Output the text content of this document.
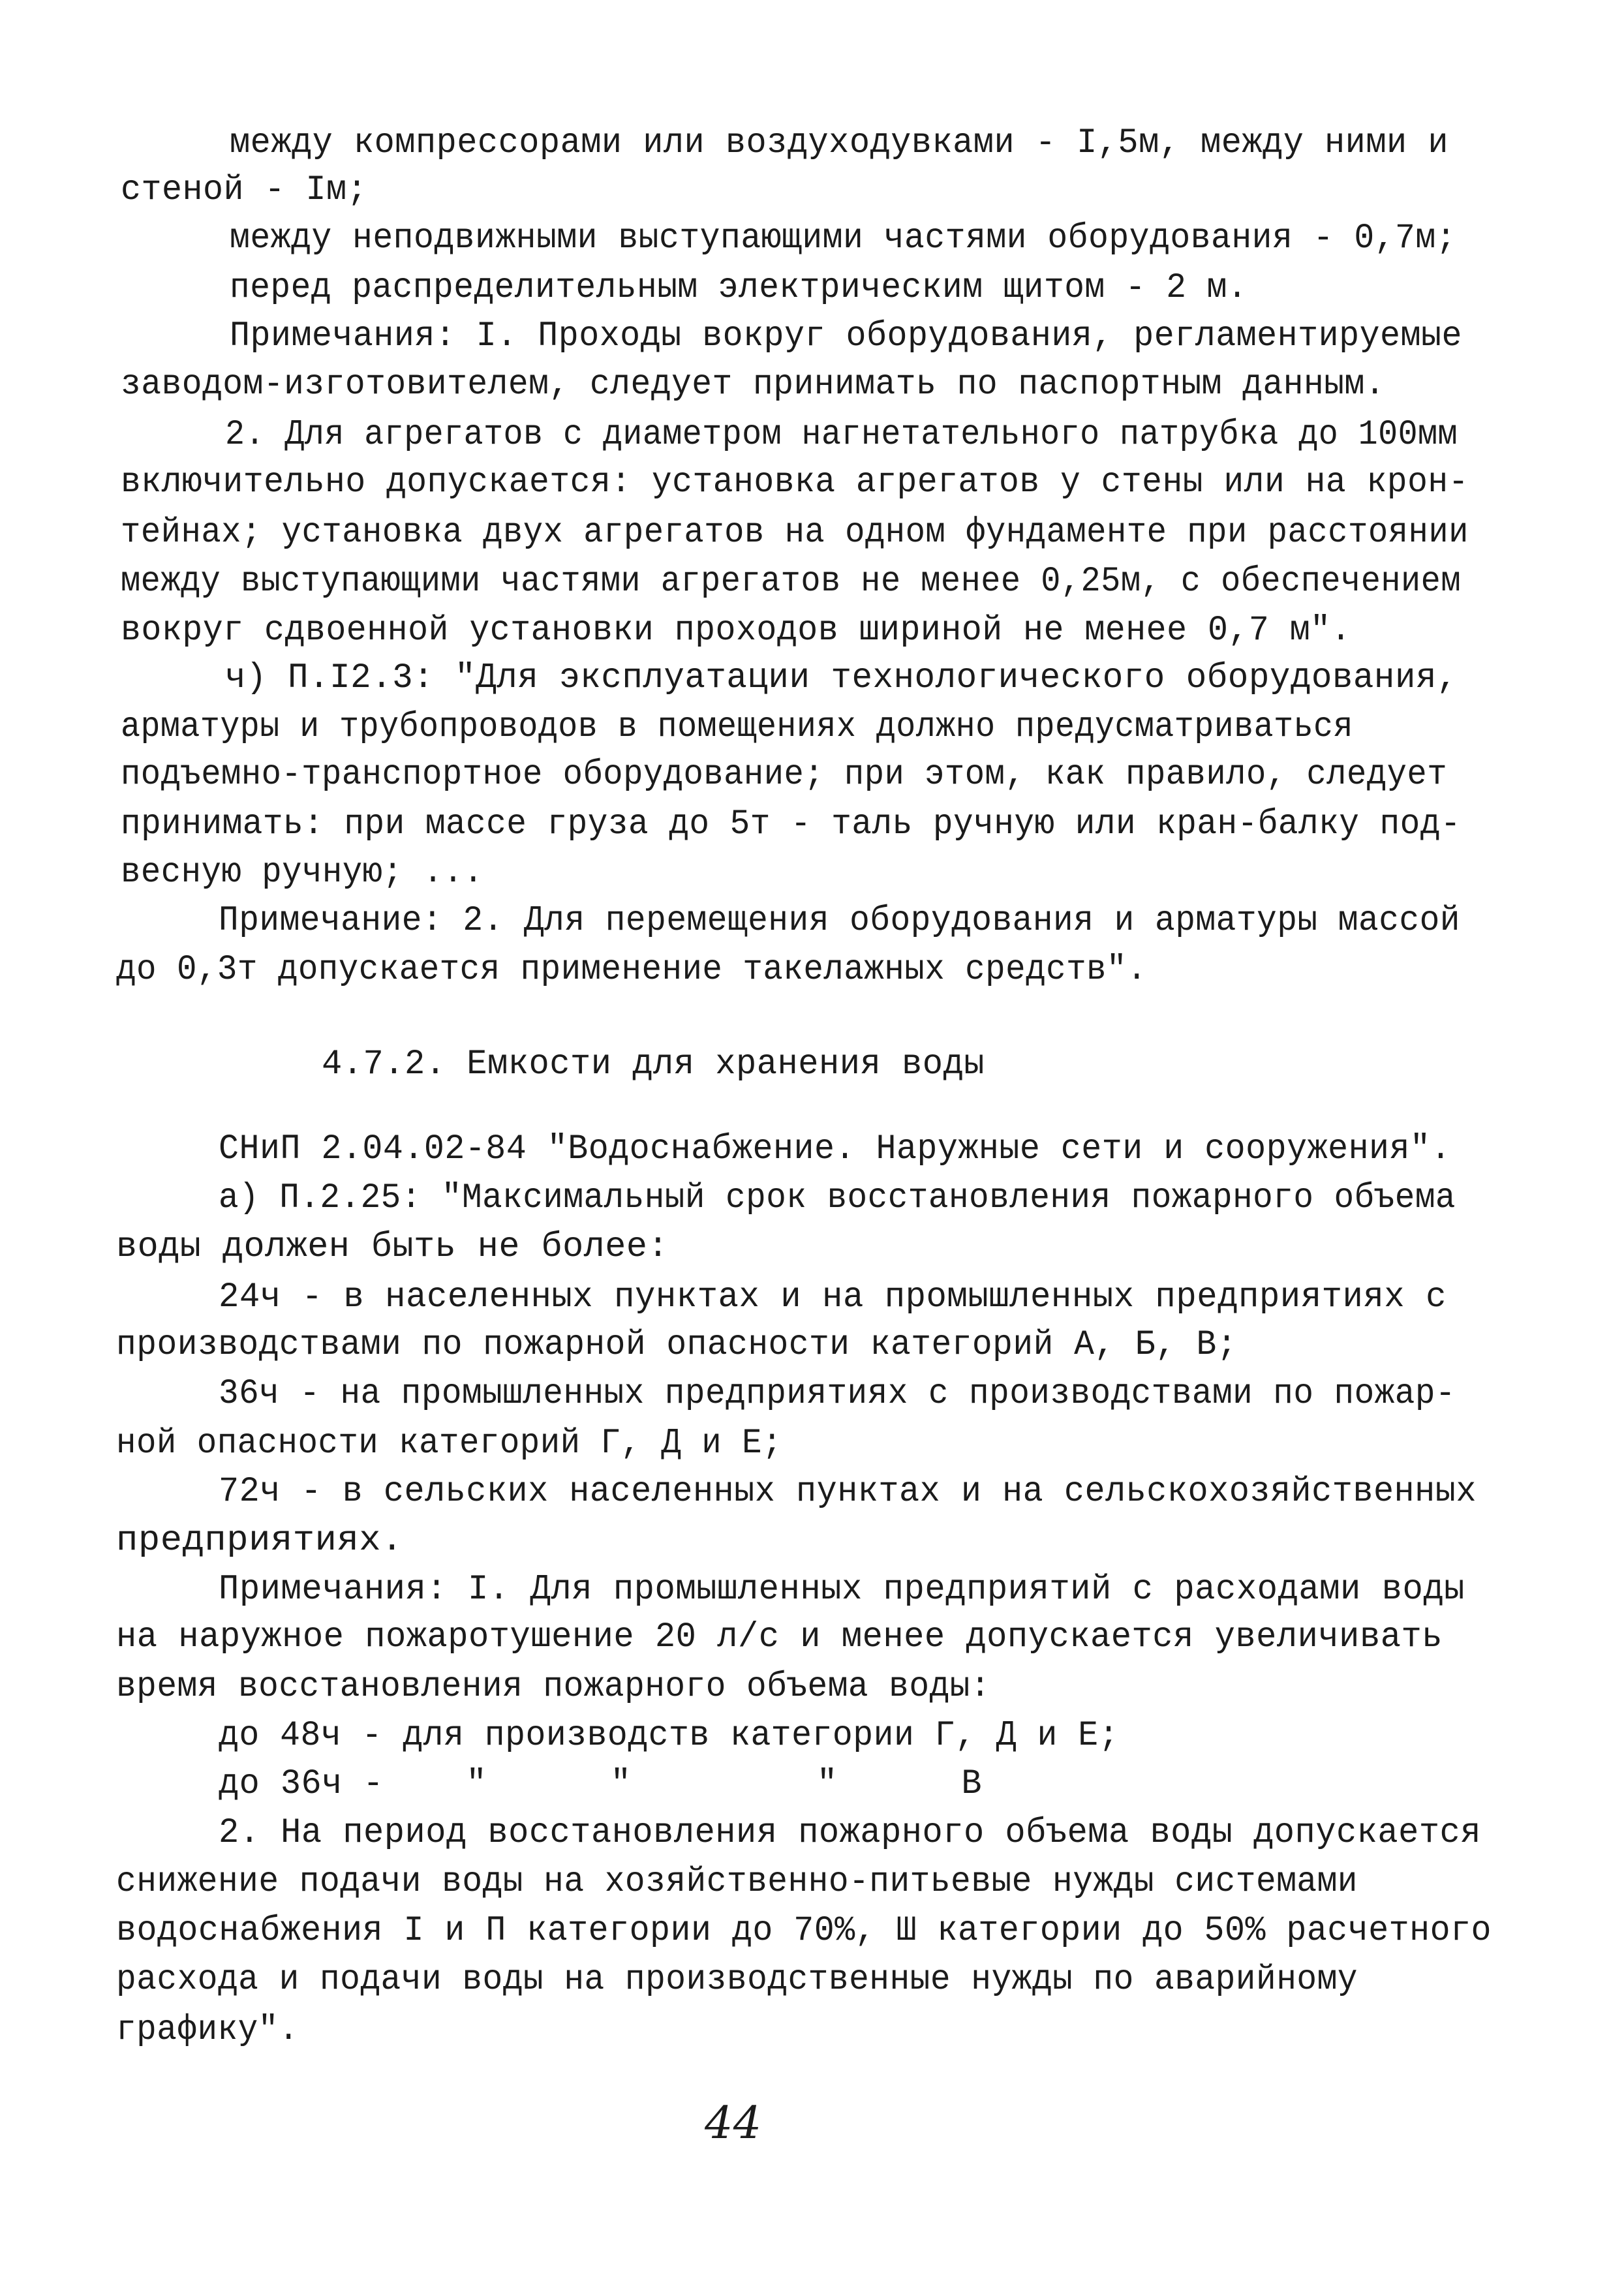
между компрессорами или воздуходувками - I,5м, между ними и
стеной - Iм;
между неподвижными выступающими частями оборудования - 0,7м;
перед распределительным электрическим щитом - 2 м.
Примечания: I. Проходы вокруг оборудования, регламентируемые
заводом-изготовителем, следует принимать по паспортным данным.
2. Для агрегатов с диаметром нагнетательного патрубка до 100мм
включительно допускается: установка агрегатов у стены или на крон-
тейнах; установка двух агрегатов на одном фундаменте при расстоянии
между выступающими частями агрегатов не менее 0,25м, с обеспечением
вокруг сдвоенной установки проходов шириной не менее 0,7 м".
ч) П.I2.3: "Для эксплуатации технологического оборудования,
арматуры и трубопроводов в помещениях должно предусматриваться
подъемно-транспортное оборудование; при этом, как правило, следует
принимать: при массе груза до 5т - таль ручную или кран-балку под-
весную ручную; ...
Примечание: 2. Для перемещения оборудования и арматуры массой
до 0,3т допускается применение такелажных средств".
4.7.2. Емкости для хранения воды
СНиП 2.04.02-84 "Водоснабжение. Наружные сети и сооружения".
а) П.2.25: "Максимальный срок восстановления пожарного объема
воды должен быть не более:
24ч - в населенных пунктах и на промышленных предприятиях с
производствами по пожарной опасности категорий А, Б, В;
36ч - на промышленных предприятиях с производствами по пожар-
ной опасности категорий Г, Д и Е;
72ч - в сельских населенных пунктах и на сельскохозяйственных
предприятиях.
Примечания: I. Для промышленных предприятий с расходами воды
на наружное пожаротушение 20 л/с и менее допускается увеличивать
время восстановления пожарного объема воды:
до 48ч - для производств категории Г, Д и Е;
до 36ч -    "      "         "      В
2. На период восстановления пожарного объема воды допускается
снижение подачи воды на хозяйственно-питьевые нужды системами
водоснабжения I и П категории до 70%, Ш категории до 50% расчетного
расхода и подачи воды на производственные нужды по аварийному
графику".
44
